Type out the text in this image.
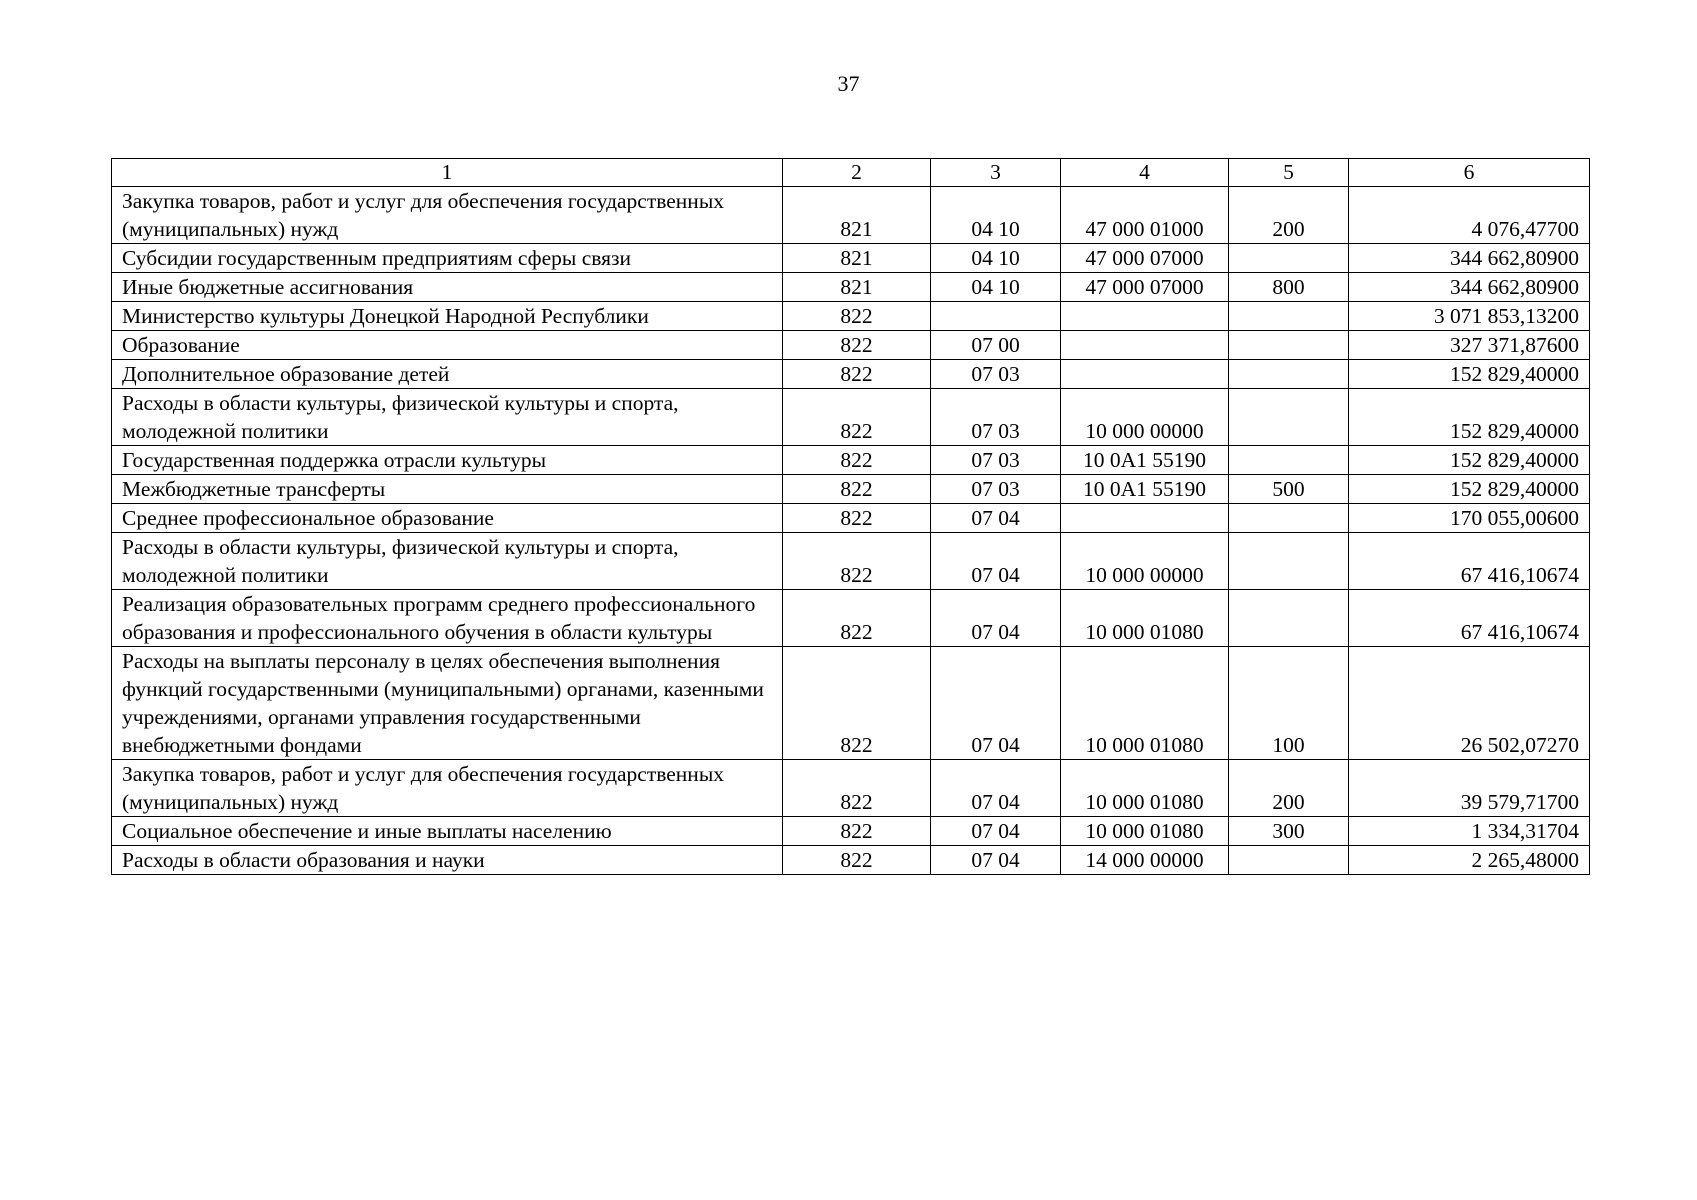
37
1	2	3	4	5	6
Закупка товаров, работ и услуг для обеспечения государственных (муниципальных) нужд	821	04 10	47 000 01000	200	4 076,47700
Субсидии государственным предприятиям сферы связи	821	04 10	47 000 07000		344 662,80900
Иные бюджетные ассигнования	821	04 10	47 000 07000	800	344 662,80900
Министерство культуры Донецкой Народной Республики	822				3 071 853,13200
Образование	822	07 00			327 371,87600
Дополнительное образование детей	822	07 03			152 829,40000
Расходы в области культуры, физической культуры и спорта, молодежной политики	822	07 03	10 000 00000		152 829,40000
Государственная поддержка отрасли культуры	822	07 03	10 0A1 55190		152 829,40000
Межбюджетные трансферты	822	07 03	10 0A1 55190	500	152 829,40000
Среднее профессиональное образование	822	07 04			170 055,00600
Расходы в области культуры, физической культуры и спорта, молодежной политики	822	07 04	10 000 00000		67 416,10674
Реализация образовательных программ среднего профессионального образования и профессионального обучения в области культуры	822	07 04	10 000 01080		67 416,10674
Расходы на выплаты персоналу в целях обеспечения выполнения функций государственными (муниципальными) органами, казенными учреждениями, органами управления государственными внебюджетными фондами	822	07 04	10 000 01080	100	26 502,07270
Закупка товаров, работ и услуг для обеспечения государственных (муниципальных) нужд	822	07 04	10 000 01080	200	39 579,71700
Социальное обеспечение и иные выплаты населению	822	07 04	10 000 01080	300	1 334,31704
Расходы в области образования и науки	822	07 04	14 000 00000		2 265,48000
